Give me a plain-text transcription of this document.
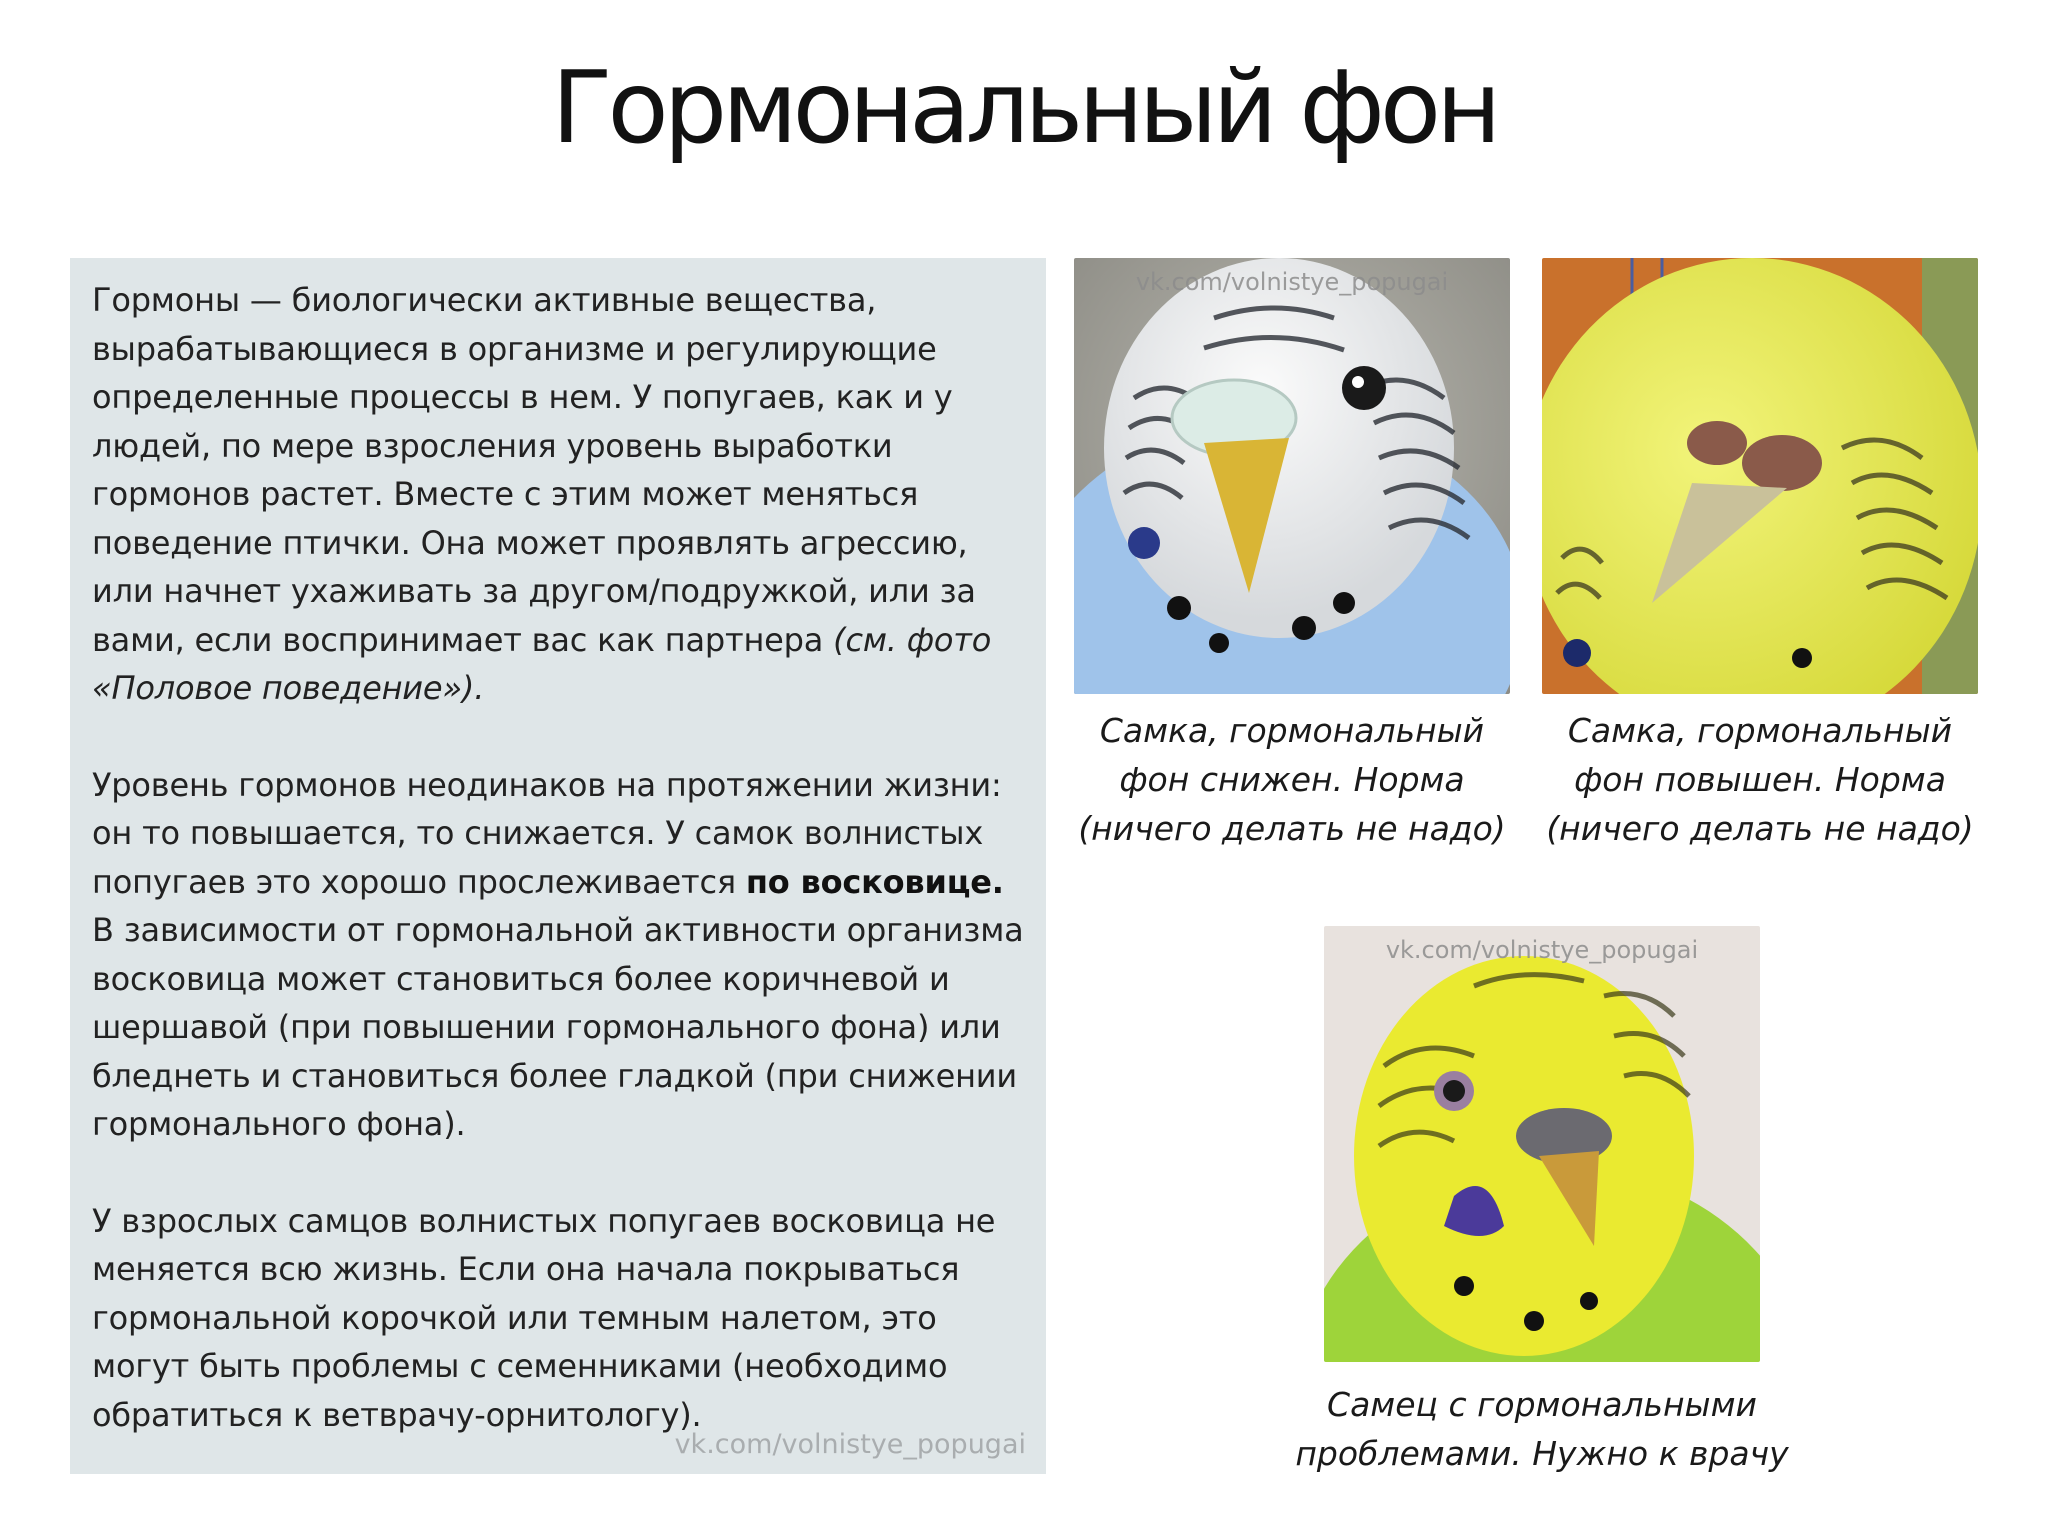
Гормональный фон

Гормоны — биологически активные вещества, вырабатывающиеся в организме и регулирующие определенные процессы в нем. У попугаев, как и у людей, по мере взросления уровень выработки гормонов растет. Вместе с этим может меняться поведение птички. Она может проявлять агрессию, или начнет ухаживать за другом/подружкой, или за вами, если воспринимает вас как партнера (см. фото «Половое поведение»).

Уровень гормонов неодинаков на протяжении жизни: он то повышается, то снижается. У самок волнистых попугаев это хорошо прослеживается по восковице. В зависимости от гормональной активности организма восковица может становиться более коричневой и шершавой (при повышении гормонального фона) или бледнеть и становиться более гладкой (при снижении гормонального фона).

У взрослых самцов волнистых попугаев восковица не меняется всю жизнь. Если она начала покрываться гормональной корочкой или темным налетом, это могут быть проблемы с семенниками (необходимо обратиться к ветврачу-орнитологу).

vk.com/volnistye_popugai
vk.com/volnistye_popugai
vk.com/volnistye_popugai
Самка, гормональный фон снижен. Норма (ничего делать не надо)
Самка, гормональный фон повышен. Норма (ничего делать не надо)
Самец с гормональными проблемами. Нужно к врачу
